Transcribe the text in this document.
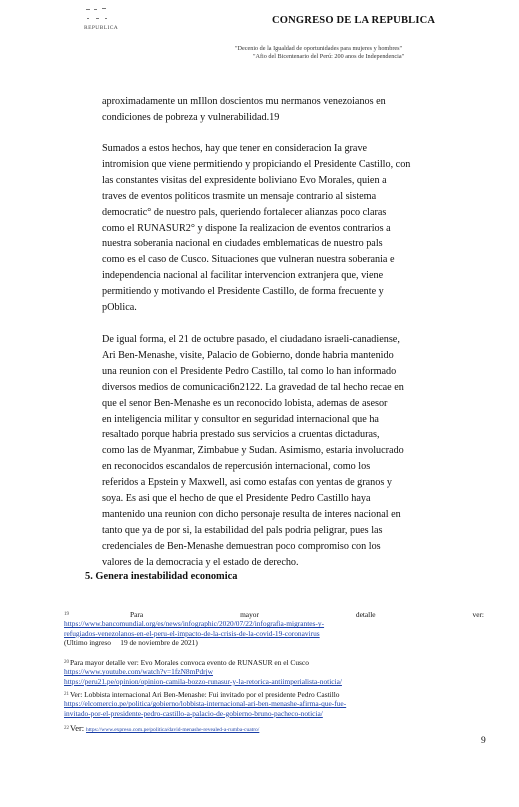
REPUBLICA
CONGRESO DE LA REPUBLICA
"Decenio de la Igualdad de oportunidades para mujeres y hombres"
"Afio del Bicentenario del Perú: 200 anos de Independencia"
aproximadamente un mIllon doscientos mu nermanos venezoianos en
condiciones de pobreza y vulnerabilidad.19
Sumados a estos hechos, hay que tener en consideracion Ia grave
intromision que viene permitiendo y propiciando el Presidente Castillo, con
las constantes visitas del expresidente boliviano Evo Morales, quien a
traves de eventos politicos trasmite un mensaje contrario al sistema
democratic° de nuestro pals, queriendo fortalecer alianzas poco claras
como el RUNASUR2° y dispone Ia realizacion de eventos contrarios a
nuestra soberania nacional en ciudades emblematicas de nuestro pals
como es el caso de Cusco. Situaciones que vulneran nuestra soberania e
independencia nacional al facilitar intervencion extranjera que, viene
permitiendo y motivando el Presidente Castillo, de forma frecuente y
pOblica.
De igual forma, el 21 de octubre pasado, el ciudadano israeli-canadiense,
Ari Ben-Menashe, visite, Palacio de Gobierno, donde habria mantenido
una reunion con el Presidente Pedro Castillo, tal como lo han informado
diversos medios de comunicaci6n2122. La gravedad de tal hecho recae en
que el senor Ben-Menashe es un reconocido lobista, ademas de asesor
en inteligencia militar y consultor en seguridad internacional que ha
resaltado porque habria prestado sus servicios a cruentas dictaduras,
como las de Myanmar, Zimbabue y Sudan. Asimismo, estaria involucrado
en reconocidos escandalos de repercusión internacional, como los
referidos a Epstein y Maxwell, asi como estafas con yentas de granos y
soya. Es asi que el hecho de que el Presidente Pedro Castillo haya
mantenido una reunion con dicho personaje resulta de interes nacional en
tanto que ya de por si, la estabilidad del pals podria peligrar, pues las
credenciales de Ben-Menashe demuestran poco compromiso con los
valores de la democracia y el estado de derecho.
5. Genera inestabilidad economica
$^{19}$	Para	mayor	detalle	ver:
https://www.bancomundial.org/es/news/infographic/2020/07/22/infografia-migrantes-y-
refugiados-venezolanos-en-el-peru-el-impacto-de-la-crisis-de-la-covid-19-coronavirus
(Ultimo ingreso     19 de noviembre de 2021)
$^{20}$Para mayor detalle ver: Evo Morales convoca evento de RUNASUR en el Cusco
https://www.youtube.com/watch?v=1fzN8mPdrjw
https://peru21.pe/opinion/opinion-camila-bozzo-runasur-y-la-retorica-antiimperialista-noticia/
$^{21}$Ver: Lobbista internacional Ari Ben-Menashe: Fui invitado por el presidente Pedro Castillo
https://elcomercio.pe/politica/gobierno/lobbista-internacional-ari-ben-menashe-afirma-que-fue-
invitado-por-el-presidente-pedro-castillo-a-palacio-de-gobierno-bruno-pacheco-noticia/
$^{22}$Ver: https://www.expreso.com.pe/politica/david-menashe-revealed-a-rumba-cuatro/
9
